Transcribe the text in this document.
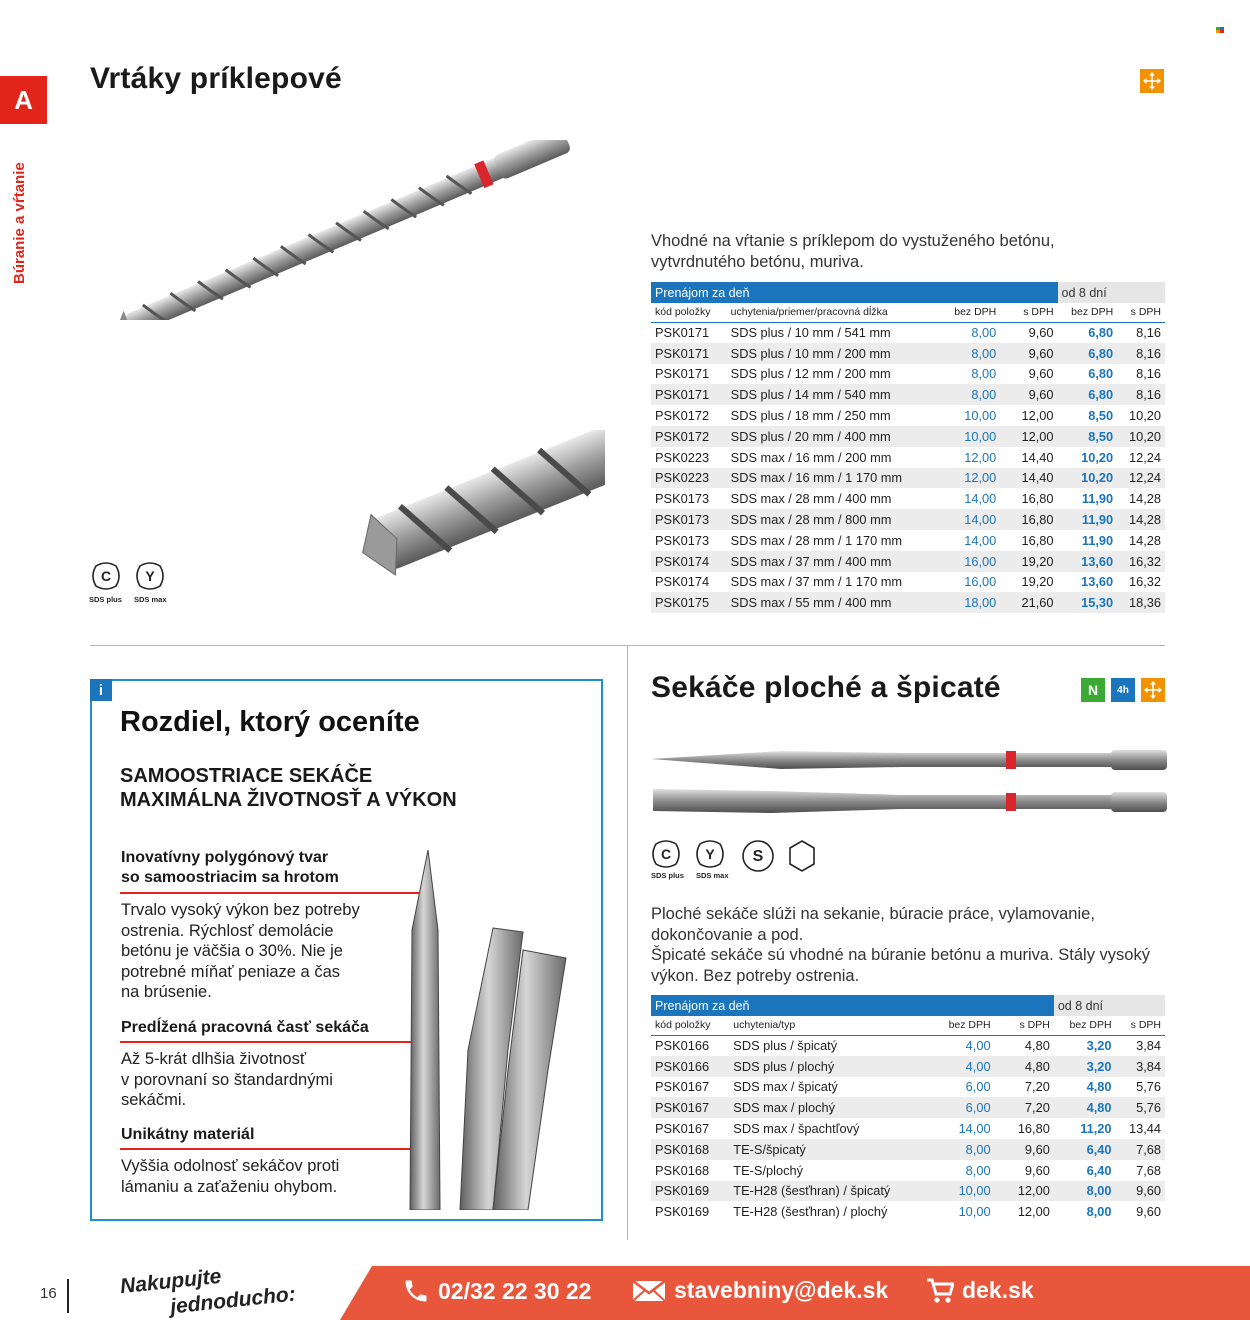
A
Búranie a vŕtanie
Vrtáky príklepové
C Y
SDS plus SDS max
Vhodné na vŕtanie s príklepom do vystuženého betónu, vytvrdnutého betónu, muriva.
Prenájom za deň					od 8 dní	
kód položky	uchytenia/priemer/pracovná dĺžka	bez DPH	s DPH		bez DPH	s DPH
PSK0171	SDS plus / 10 mm / 541 mm	8,00		9,60	6,80	8,16
PSK0171	SDS plus / 10 mm / 200 mm	8,00		9,60	6,80	8,16
PSK0171	SDS plus / 12 mm / 200 mm	8,00		9,60	6,80	8,16
PSK0171	SDS plus / 14 mm / 540 mm	8,00		9,60	6,80	8,16
PSK0172	SDS plus / 18 mm / 250 mm	10,00		12,00	8,50	10,20
PSK0172	SDS plus / 20 mm / 400 mm	10,00		12,00	8,50	10,20
PSK0223	SDS max / 16 mm / 200 mm	12,00		14,40	10,20	12,24
PSK0223	SDS max / 16 mm / 1 170 mm	12,00		14,40	10,20	12,24
PSK0173	SDS max / 28 mm / 400 mm	14,00		16,80	11,90	14,28
PSK0173	SDS max / 28 mm / 800 mm	14,00		16,80	11,90	14,28
PSK0173	SDS max / 28 mm / 1 170 mm	14,00		16,80	11,90	14,28
PSK0174	SDS max / 37 mm / 400 mm	16,00		19,20	13,60	16,32
PSK0174	SDS max / 37 mm / 1 170 mm	16,00		19,20	13,60	16,32
PSK0175	SDS max / 55 mm / 400 mm	18,00		21,60	15,30	18,36
i
Rozdiel, ktorý oceníte
SAMOOSTRIACE SEKÁČE
MAXIMÁLNA ŽIVOTNOSŤ A VÝKON
Inovatívny polygónový tvar
so samoostriacim sa hrotom
Trvalo vysoký výkon bez potreby
ostrenia. Rýchlosť demolácie
betónu je väčšia o 30%. Nie je
potrebné míňať peniaze a čas
na brúsenie.
Predĺžená pracovná časť sekáča
Až 5-krát dlhšia životnosť
v porovnaní so štandardnými
sekáčmi.
Unikátny materiál
Vyššia odolnosť sekáčov proti
lámaniu a zaťaženiu ohybom.
Sekáče ploché a špicaté	N	4h
C Y S
SDS plus SDS max
Ploché sekáče slúži na sekanie, búracie práce, vylamovanie,
dokončovanie a pod.
Špicaté sekáče sú vhodné na búranie betónu a muriva. Stály vysoký
výkon. Bez potreby ostrenia.
Prenájom za deň					od 8 dní	
kód položky	uchytenia/typ	bez DPH	s DPH		bez DPH	s DPH
PSK0166	SDS plus / špicatý	4,00		4,80	3,20	3,84
PSK0166	SDS plus / plochý	4,00		4,80	3,20	3,84
PSK0167	SDS max / špicatý	6,00		7,20	4,80	5,76
PSK0167	SDS max / plochý	6,00		7,20	4,80	5,76
PSK0167	SDS max / špachtľový	14,00		16,80	11,20	13,44
PSK0168	TE-S/špicatý	8,00		9,60	6,40	7,68
PSK0168	TE-S/plochý	8,00		9,60	6,40	7,68
PSK0169	TE-H28 (šesťhran) / špicatý	10,00		12,00	8,00	9,60
PSK0169	TE-H28 (šesťhran) / plochý	10,00		12,00	8,00	9,60
16	Nakupujte
jednoducho:	02/32 22 30 22	stavebniny@dek.sk	dek.sk
